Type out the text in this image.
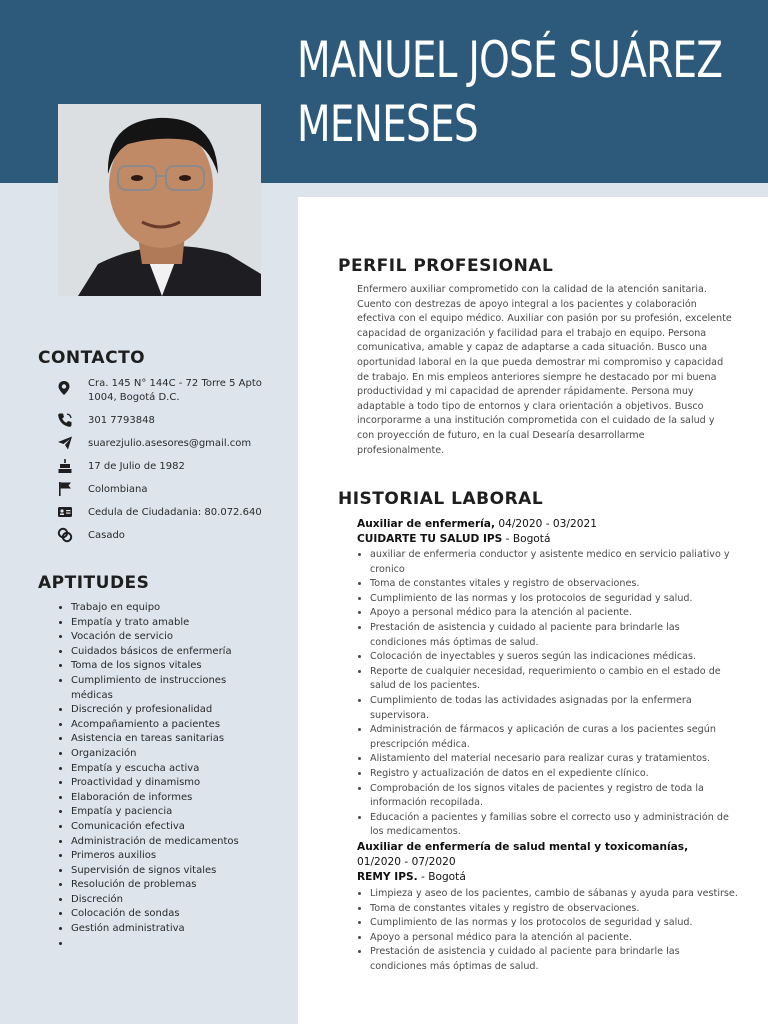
MANUEL JOSÉ SUÁREZ
MENESES
CONTACTO
Cra. 145 N° 144C - 72 Torre 5 Apto 1004, Bogotá D.C.
301 7793848
suarezjulio.asesores@gmail.com
17 de Julio de 1982
Colombiana
Cedula de Ciudadania: 80.072.640
Casado
APTITUDES
• Trabajo en equipo
• Empatía y trato amable
• Vocación de servicio
• Cuidados básicos de enfermería
• Toma de los signos vitales
• Cumplimiento de instrucciones médicas
• Discreción y profesionalidad
• Acompañamiento a pacientes
• Asistencia en tareas sanitarias
• Organización
• Empatía y escucha activa
• Proactividad y dinamismo
• Elaboración de informes
• Empatía y paciencia
• Comunicación efectiva
• Administración de medicamentos
• Primeros auxilios
• Supervisión de signos vitales
• Resolución de problemas
• Discreción
• Colocación de sondas
• Gestión administrativa
•
PERFIL PROFESIONAL
Enfermero auxiliar comprometido con la calidad de la atención sanitaria. Cuento con destrezas de apoyo integral a los pacientes y colaboración efectiva con el equipo médico. Auxiliar con pasión por su profesión, excelente capacidad de organización y facilidad para el trabajo en equipo. Persona comunicativa, amable y capaz de adaptarse a cada situación. Busco una oportunidad laboral en la que pueda demostrar mi compromiso y capacidad de trabajo. En mis empleos anteriores siempre he destacado por mi buena productividad y mi capacidad de aprender rápidamente. Persona muy adaptable a todo tipo de entornos y clara orientación a objetivos. Busco incorporarme a una institución comprometida con el cuidado de la salud y con proyección de futuro, en la cual Desearía desarrollarme profesionalmente.
HISTORIAL LABORAL
Auxiliar de enfermería, 04/2020 - 03/2021
CUIDARTE TU SALUD IPS - Bogotá
• auxiliar de enfermeria conductor y asistente medico en servicio paliativo y cronico
• Toma de constantes vitales y registro de observaciones.
• Cumplimiento de las normas y los protocolos de seguridad y salud.
• Apoyo a personal médico para la atención al paciente.
• Prestación de asistencia y cuidado al paciente para brindarle las condiciones más óptimas de salud.
• Colocación de inyectables y sueros según las indicaciones médicas.
• Reporte de cualquier necesidad, requerimiento o cambio en el estado de salud de los pacientes.
• Cumplimiento de todas las actividades asignadas por la enfermera supervisora.
• Administración de fármacos y aplicación de curas a los pacientes según prescripción médica.
• Alistamiento del material necesario para realizar curas y tratamientos.
• Registro y actualización de datos en el expediente clínico.
• Comprobación de los signos vitales de pacientes y registro de toda la información recopilada.
• Educación a pacientes y familias sobre el correcto uso y administración de los medicamentos.
Auxiliar de enfermería de salud mental y toxicomanías, 01/2020 - 07/2020
REMY IPS. - Bogotá
• Limpieza y aseo de los pacientes, cambio de sábanas y ayuda para vestirse.
• Toma de constantes vitales y registro de observaciones.
• Cumplimiento de las normas y los protocolos de seguridad y salud.
• Apoyo a personal médico para la atención al paciente.
• Prestación de asistencia y cuidado al paciente para brindarle las condiciones más óptimas de salud.
